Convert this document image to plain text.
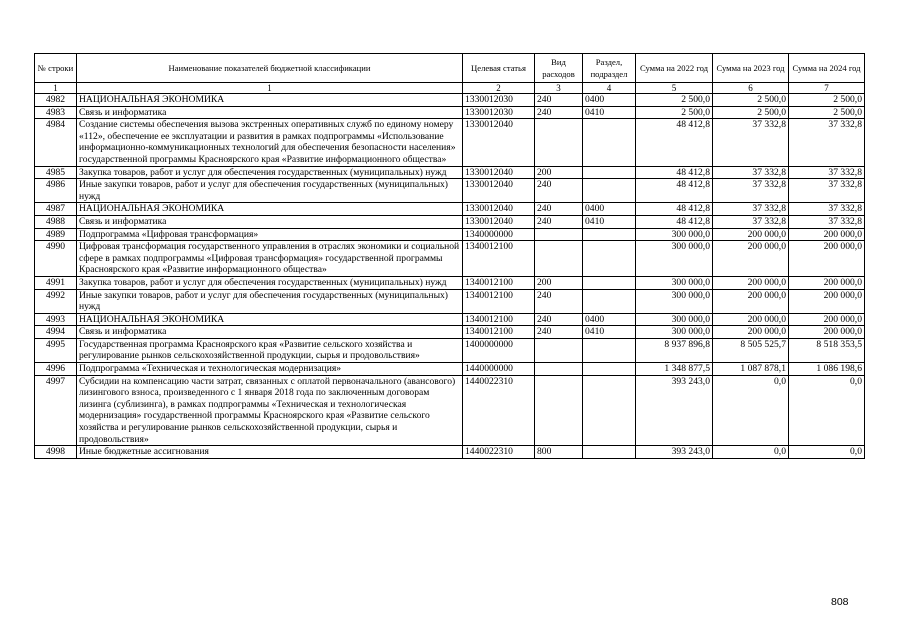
№ строки	Наименование показателей бюджетной классификации	Целевая статья	Вид расходов	Раздел, подраздел	Сумма на 2022 год	Сумма на 2023 год	Сумма на 2024 год
1	1	2	3	4	5	6	7
4982	НАЦИОНАЛЬНАЯ ЭКОНОМИКА	1330012030	240	0400	2 500,0	2 500,0	2 500,0
4983	Связь и информатика	1330012030	240	0410	2 500,0	2 500,0	2 500,0
4984	Создание системы обеспечения вызова экстренных оперативных служб по единому номеру «112», обеспечение ее эксплуатации и развития в рамках подпрограммы «Использование информационно-коммуникационных технологий для обеспечения безопасности населения» государственной программы Красноярского края «Развитие информационного общества»	1330012040			48 412,8	37 332,8	37 332,8
4985	Закупка товаров, работ и услуг для обеспечения государственных (муниципальных) нужд	1330012040	200		48 412,8	37 332,8	37 332,8
4986	Иные закупки товаров, работ и услуг для обеспечения государственных (муниципальных) нужд	1330012040	240		48 412,8	37 332,8	37 332,8
4987	НАЦИОНАЛЬНАЯ ЭКОНОМИКА	1330012040	240	0400	48 412,8	37 332,8	37 332,8
4988	Связь и информатика	1330012040	240	0410	48 412,8	37 332,8	37 332,8
4989	Подпрограмма «Цифровая трансформация»	1340000000			300 000,0	200 000,0	200 000,0
4990	Цифровая трансформация государственного управления в отраслях экономики и социальной сфере в рамках подпрограммы «Цифровая трансформация» государственной программы Красноярского края «Развитие информационного общества»	1340012100			300 000,0	200 000,0	200 000,0
4991	Закупка товаров, работ и услуг для обеспечения государственных (муниципальных) нужд	1340012100	200		300 000,0	200 000,0	200 000,0
4992	Иные закупки товаров, работ и услуг для обеспечения государственных (муниципальных) нужд	1340012100	240		300 000,0	200 000,0	200 000,0
4993	НАЦИОНАЛЬНАЯ ЭКОНОМИКА	1340012100	240	0400	300 000,0	200 000,0	200 000,0
4994	Связь и информатика	1340012100	240	0410	300 000,0	200 000,0	200 000,0
4995	Государственная программа Красноярского края «Развитие сельского хозяйства и регулирование рынков сельскохозяйственной продукции, сырья и продовольствия»	1400000000			8 937 896,8	8 505 525,7	8 518 353,5
4996	Подпрограмма «Техническая и технологическая модернизация»	1440000000			1 348 877,5	1 087 878,1	1 086 198,6
4997	Субсидии на компенсацию части затрат, связанных с оплатой первоначального (авансового) лизингового взноса, произведенного с 1 января 2018 года по заключенным договорам лизинга (сублизинга), в рамках подпрограммы «Техническая и технологическая модернизация» государственной программы Красноярского края «Развитие сельского хозяйства и регулирование рынков сельскохозяйственной продукции, сырья и продовольствия»	1440022310			393 243,0	0,0	0,0
4998	Иные бюджетные ассигнования	1440022310	800		393 243,0	0,0	0,0
808
